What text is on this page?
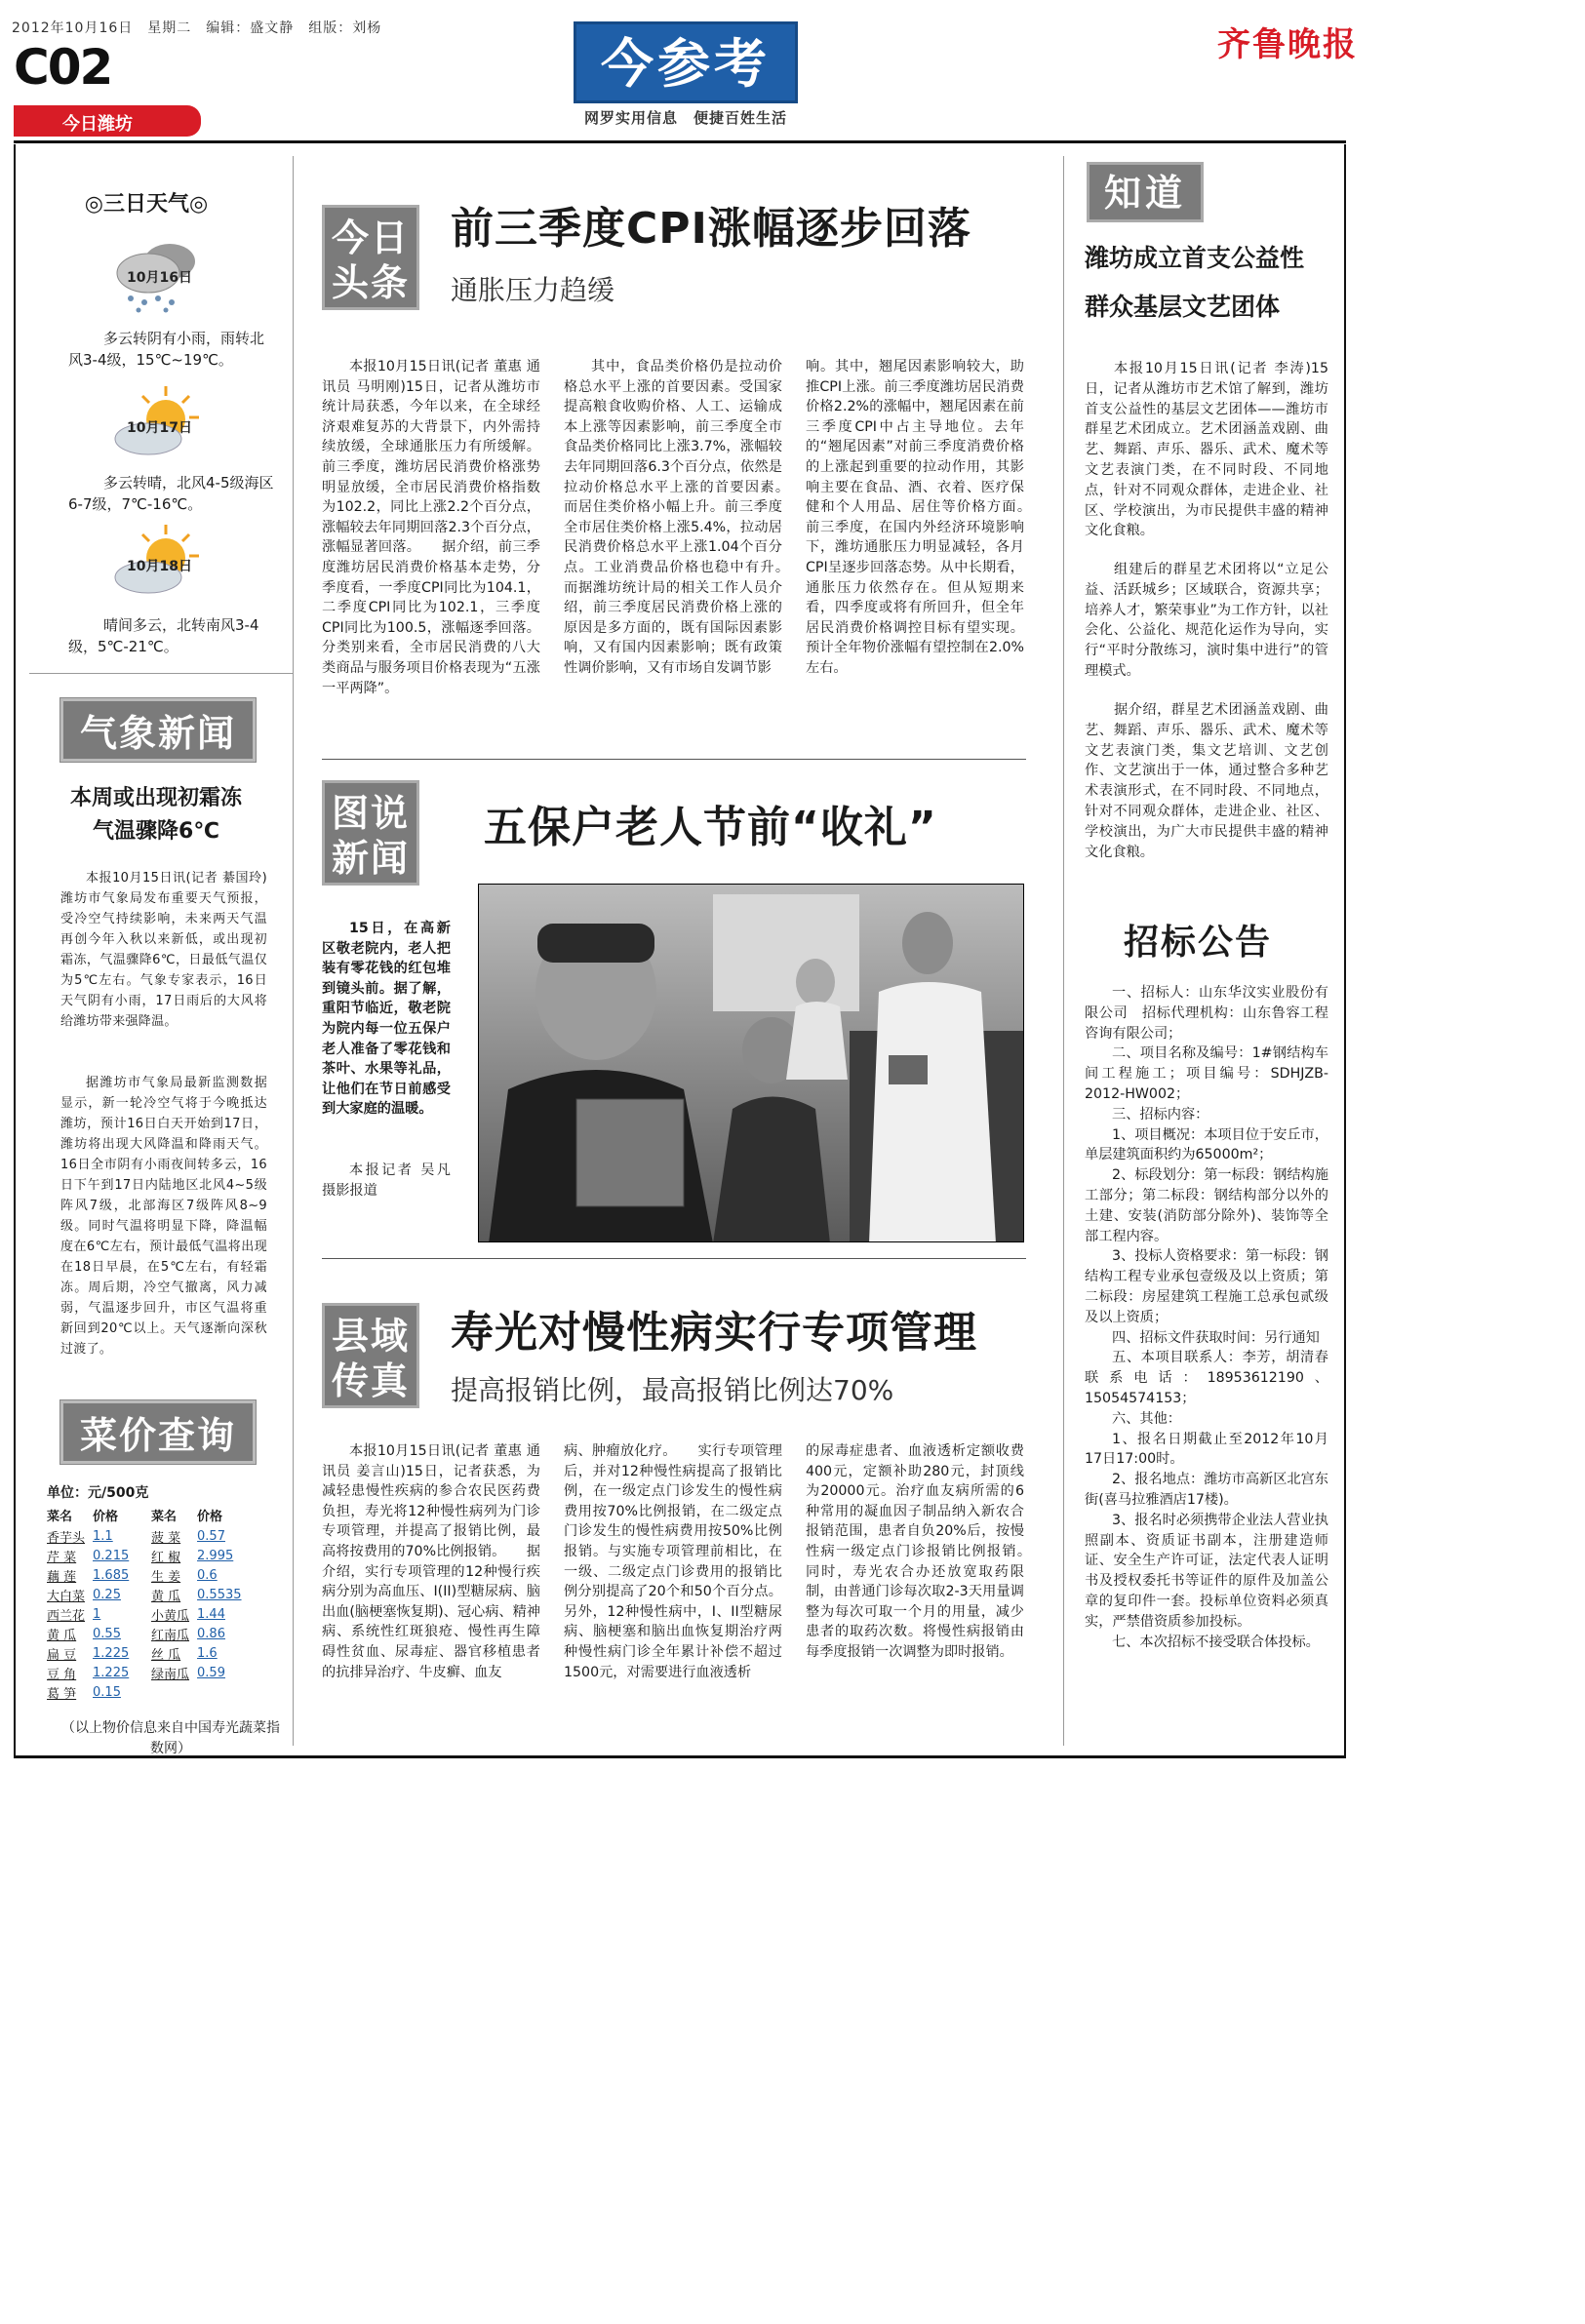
2012年10月16日　星期二　编辑：盛文静　组版：刘杨
C02
今日潍坊
今参考
网罗实用信息　便捷百姓生活
齐鲁晚报
◎三日天气◎
10月16日
多云转阴有小雨，雨转北风3-4级，15℃~19℃。
10月17日
多云转晴，北风4-5级海区6-7级，7℃-16℃。
10月18日
晴间多云，北转南风3-4级，5℃-21℃。
气象新闻
本周或出现初霜冻
气温骤降6℃
本报10月15日讯(记者 綦国玲)潍坊市气象局发布重要天气预报，受冷空气持续影响，未来两天气温再创今年入秋以来新低，或出现初霜冻，气温骤降6℃，日最低气温仅为5℃左右。气象专家表示，16日天气阴有小雨，17日雨后的大风将给潍坊带来强降温。
据潍坊市气象局最新监测数据显示，新一轮冷空气将于今晚抵达潍坊，预计16日白天开始到17日，潍坊将出现大风降温和降雨天气。16日全市阴有小雨夜间转多云，16日下午到17日内陆地区北风4~5级阵风7级，北部海区7级阵风8~9级。同时气温将明显下降，降温幅度在6℃左右，预计最低气温将出现在18日早晨，在5℃左右，有轻霜冻。周后期，冷空气撤离，风力减弱，气温逐步回升，市区气温将重新回到20℃以上。天气逐渐向深秋过渡了。
菜价查询
单位：元/500克
菜名	价格	菜名	价格
香芋头	1.1	菠 菜	0.57
芹 菜	0.215	红 椒	2.995
藕 莲	1.685	生 姜	0.6
大白菜	0.25	黄 瓜	0.5535
西兰花	1	小黄瓜	1.44
黄 瓜	0.55	红南瓜	0.86
扁 豆	1.225	丝 瓜	1.6
豆 角	1.225	绿南瓜	0.59
葛 笋	0.15		
（以上物价信息来自中国寿光蔬菜指数网）
今日
头条
前三季度CPI涨幅逐步回落
通胀压力趋缓
本报10月15日讯(记者 董惠 通讯员 马明刚)15日，记者从潍坊市统计局获悉，今年以来，在全球经济艰难复苏的大背景下，内外需持续放缓，全球通胀压力有所缓解。前三季度，潍坊居民消费价格涨势明显放缓，全市居民消费价格指数为102.2，同比上涨2.2个百分点，涨幅较去年同期回落2.3个百分点，涨幅显著回落。　　据介绍，前三季度潍坊居民消费价格基本走势，分季度看，一季度CPI同比为104.1，二季度CPI同比为102.1，三季度CPI同比为100.5，涨幅逐季回落。分类别来看，全市居民消费的八大类商品与服务项目价格表现为“五涨一平两降”。
其中，食品类价格仍是拉动价格总水平上涨的首要因素。受国家提高粮食收购价格、人工、运输成本上涨等因素影响，前三季度全市食品类价格同比上涨3.7%，涨幅较去年同期回落6.3个百分点，依然是拉动价格总水平上涨的首要因素。　　而居住类价格小幅上升。前三季度全市居住类价格上涨5.4%，拉动居民消费价格总水平上涨1.04个百分点。工业消费品价格也稳中有升。　　而据潍坊统计局的相关工作人员介绍，前三季度居民消费价格上涨的原因是多方面的，既有国际因素影响，又有国内因素影响；既有政策性调价影响，又有市场自发调节影
响。其中，翘尾因素影响较大，助推CPI上涨。前三季度潍坊居民消费价格2.2%的涨幅中，翘尾因素在前三季度CPI中占主导地位。去年的“翘尾因素”对前三季度消费价格的上涨起到重要的拉动作用，其影响主要在食品、酒、衣着、医疗保健和个人用品、居住等价格方面。　　前三季度，在国内外经济环境影响下，潍坊通胀压力明显减轻，各月CPI呈逐步回落态势。从中长期看，通胀压力依然存在。但从短期来看，四季度或将有所回升，但全年居民消费价格调控目标有望实现。预计全年物价涨幅有望控制在2.0%左右。
图说
新闻
五保户老人节前“收礼”
15日，在高新区敬老院内，老人把装有零花钱的红包堆到镜头前。据了解，重阳节临近，敬老院为院内每一位五保户老人准备了零花钱和茶叶、水果等礼品，让他们在节日前感受到大家庭的温暖。
本报记者 吴凡 摄影报道
县域
传真
寿光对慢性病实行专项管理
提高报销比例，最高报销比例达70%
本报10月15日讯(记者 董惠 通讯员 姜言山)15日，记者获悉，为减轻患慢性疾病的参合农民医药费负担，寿光将12种慢性病列为门诊专项管理，并提高了报销比例，最高将按费用的70%比例报销。　　据介绍，实行专项管理的12种慢行疾病分别为高血压、I(II)型糖尿病、脑出血(脑梗塞恢复期)、冠心病、精神病、系统性红斑狼疮、慢性再生障碍性贫血、尿毒症、器官移植患者的抗排异治疗、牛皮癣、血友
病、肿瘤放化疗。　　实行专项管理后，并对12种慢性病提高了报销比例，在一级定点门诊发生的慢性病费用按70%比例报销，在二级定点门诊发生的慢性病费用按50%比例报销。与实施专项管理前相比，在一级、二级定点门诊费用的报销比例分别提高了20个和50个百分点。另外，12种慢性病中，I、II型糖尿病、脑梗塞和脑出血恢复期治疗两种慢性病门诊全年累计补偿不超过1500元，对需要进行血液透析
的尿毒症患者、血液透析定额收费400元，定额补助280元，封顶线为20000元。治疗血友病所需的6种常用的凝血因子制品纳入新农合报销范围，患者自负20%后，按慢性病一级定点门诊报销比例报销。　　同时，寿光农合办还放宽取药限制，由普通门诊每次取2-3天用量调整为每次可取一个月的用量，减少患者的取药次数。将慢性病报销由每季度报销一次调整为即时报销。
知道
潍坊成立首支公益性
群众基层文艺团体
本报10月15日讯(记者 李涛)15日，记者从潍坊市艺术馆了解到，潍坊首支公益性的基层文艺团体——潍坊市群星艺术团成立。艺术团涵盖戏剧、曲艺、舞蹈、声乐、器乐、武术、魔术等文艺表演门类，在不同时段、不同地点，针对不同观众群体，走进企业、社区、学校演出，为市民提供丰盛的精神文化食粮。
组建后的群星艺术团将以“立足公益、活跃城乡；区域联合，资源共享；培养人才，繁荣事业”为工作方针，以社会化、公益化、规范化运作为导向，实行“平时分散练习，演时集中进行”的管理模式。
据介绍，群星艺术团涵盖戏剧、曲艺、舞蹈、声乐、器乐、武术、魔术等文艺表演门类，集文艺培训、文艺创作、文艺演出于一体，通过整合多种艺术表演形式，在不同时段、不同地点，针对不同观众群体，走进企业、社区、学校演出，为广大市民提供丰盛的精神文化食粮。
招标公告
一、招标人：山东华汶实业股份有限公司　招标代理机构：山东鲁容工程咨询有限公司；
二、项目名称及编号：1#钢结构车间工程施工；项目编号：SDHJZB-2012-HW002；
三、招标内容：
1、项目概况：本项目位于安丘市，单层建筑面积约为65000m²；
2、标段划分：第一标段：钢结构施工部分；第二标段：钢结构部分以外的土建、安装(消防部分除外)、装饰等全部工程内容。
3、投标人资格要求：第一标段：钢结构工程专业承包壹级及以上资质；第二标段：房屋建筑工程施工总承包贰级及以上资质；
四、招标文件获取时间：另行通知
五、本项目联系人：李芳，胡清春　联系电话：18953612190、15054574153；
六、其他：
1、报名日期截止至2012年10月17日17:00时。
2、报名地点：潍坊市高新区北宫东街(喜马拉雅酒店17楼)。
3、报名时必须携带企业法人营业执照副本、资质证书副本，注册建造师证、安全生产许可证，法定代表人证明书及授权委托书等证件的原件及加盖公章的复印件一套。投标单位资料必须真实，严禁借资质参加投标。
七、本次招标不接受联合体投标。
